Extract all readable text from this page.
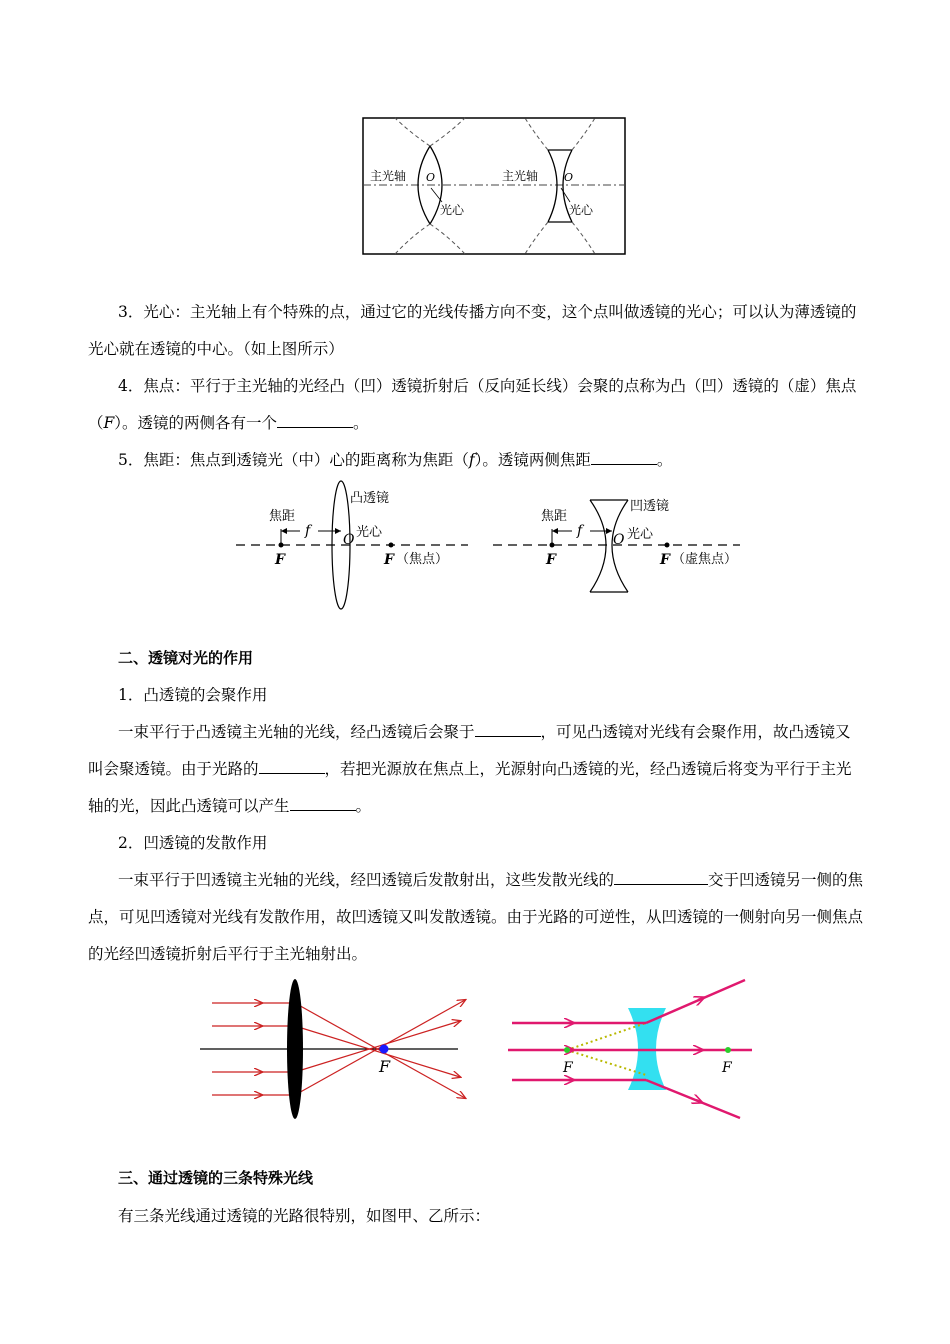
主光轴 O
光心
主光轴 O
光心

3．光心：主光轴上有个特殊的点，通过它的光线传播方向不变，这个点叫做透镜的光心；可以认为薄透镜的光心就在透镜的中心。（如上图所示）

4．焦点：平行于主光轴的光经凸（凹）透镜折射后（反向延长线）会聚的点称为凸（凹）透镜的（虚）焦点（F）。透镜的两侧各有一个	。

5．焦距：焦点到透镜光（中）心的距离称为焦距（f）。透镜两侧焦距	。

凸透镜
焦距
f
O 光心
F	F （焦点）
凹透镜
焦距
f
O 光心
F	F （虚焦点）

二、透镜对光的作用

1．凸透镜的会聚作用

一束平行于凸透镜主光轴的光线，经凸透镜后会聚于	，可见凸透镜对光线有会聚作用，故凸透镜又叫会聚透镜。由于光路的	，若把光源放在焦点上，光源射向凸透镜的光，经凸透镜后将变为平行于主光轴的光，因此凸透镜可以产生	。

2．凹透镜的发散作用

一束平行于凹透镜主光轴的光线，经凹透镜后发散射出，这些发散光线的	交于凹透镜另一侧的焦点，可见凹透镜对光线有发散作用，故凹透镜又叫发散透镜。由于光路的可逆性，从凹透镜的一侧射向另一侧焦点的光经凹透镜折射后平行于主光轴射出。

F	F	F

三、通过透镜的三条特殊光线

有三条光线通过透镜的光路很特别，如图甲、乙所示：
